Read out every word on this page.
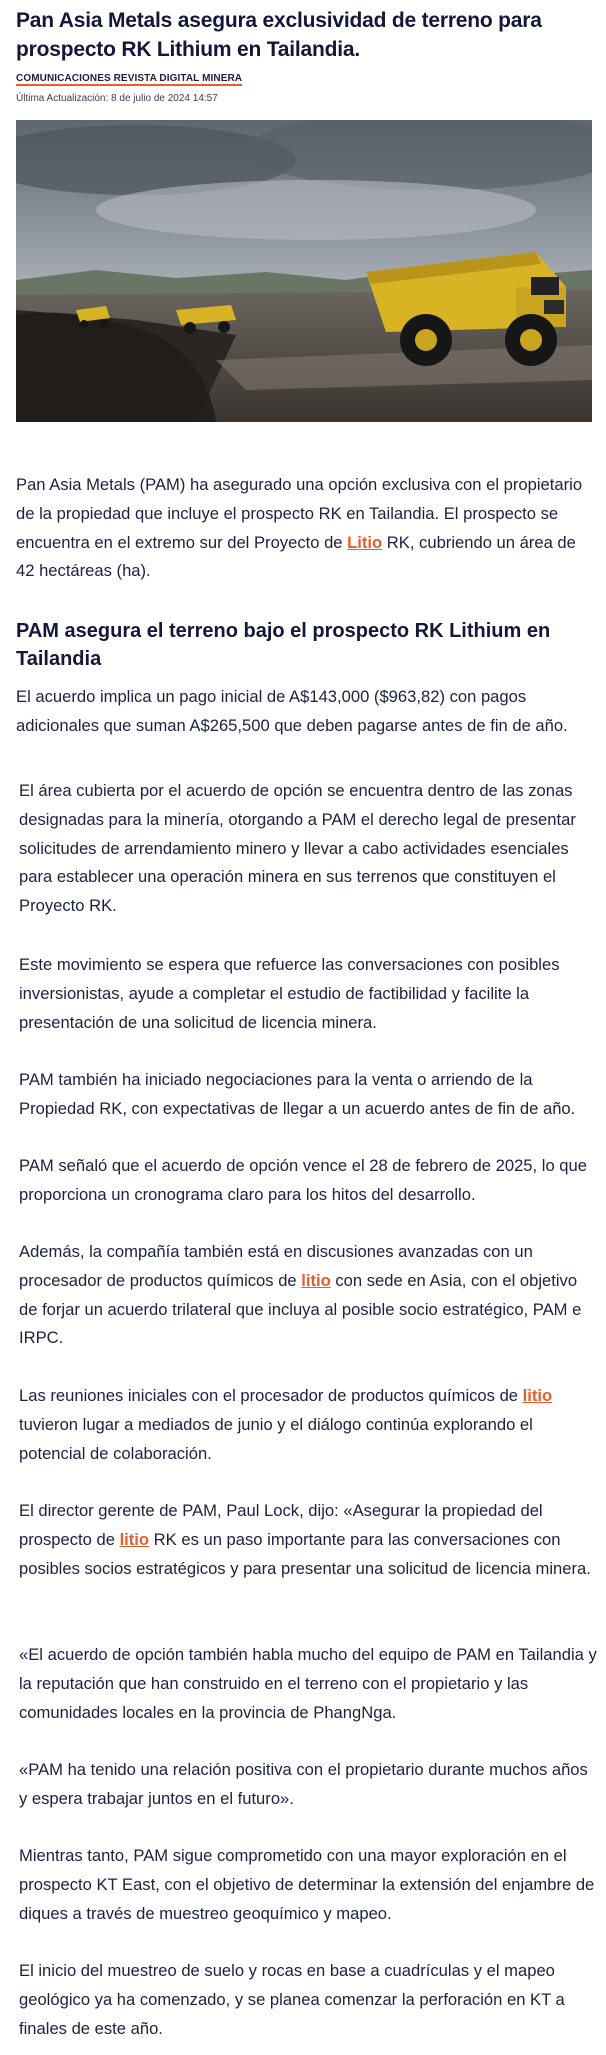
Pan Asia Metals asegura exclusividad de terreno para prospecto RK Lithium en Tailandia.
COMUNICACIONES REVISTA DIGITAL MINERA
Última Actualización: 8 de julio de 2024 14:57

Pan Asia Metals (PAM) ha asegurado una opción exclusiva con el propietario de la propiedad que incluye el prospecto RK en Tailandia. El prospecto se encuentra en el extremo sur del Proyecto de Litio RK, cubriendo un área de 42 hectáreas (ha).

PAM asegura el terreno bajo el prospecto RK Lithium en Tailandia

El acuerdo implica un pago inicial de A$143,000 ($963,82) con pagos adicionales que suman A$265,500 que deben pagarse antes de fin de año.

El área cubierta por el acuerdo de opción se encuentra dentro de las zonas designadas para la minería, otorgando a PAM el derecho legal de presentar solicitudes de arrendamiento minero y llevar a cabo actividades esenciales para establecer una operación minera en sus terrenos que constituyen el Proyecto RK.

Este movimiento se espera que refuerce las conversaciones con posibles inversionistas, ayude a completar el estudio de factibilidad y facilite la presentación de una solicitud de licencia minera.

PAM también ha iniciado negociaciones para la venta o arriendo de la Propiedad RK, con expectativas de llegar a un acuerdo antes de fin de año.

PAM señaló que el acuerdo de opción vence el 28 de febrero de 2025, lo que proporciona un cronograma claro para los hitos del desarrollo.

Además, la compañía también está en discusiones avanzadas con un procesador de productos químicos de litio con sede en Asia, con el objetivo de forjar un acuerdo trilateral que incluya al posible socio estratégico, PAM e IRPC.

Las reuniones iniciales con el procesador de productos químicos de litio tuvieron lugar a mediados de junio y el diálogo continúa explorando el potencial de colaboración.

El director gerente de PAM, Paul Lock, dijo: «Asegurar la propiedad del prospecto de litio RK es un paso importante para las conversaciones con posibles socios estratégicos y para presentar una solicitud de licencia minera.

«El acuerdo de opción también habla mucho del equipo de PAM en Tailandia y la reputación que han construido en el terreno con el propietario y las comunidades locales en la provincia de PhangNga.

«PAM ha tenido una relación positiva con el propietario durante muchos años y espera trabajar juntos en el futuro».

Mientras tanto, PAM sigue comprometido con una mayor exploración en el prospecto KT East, con el objetivo de determinar la extensión del enjambre de diques a través de muestreo geoquímico y mapeo.

El inicio del muestreo de suelo y rocas en base a cuadrículas y el mapeo geológico ya ha comenzado, y se planea comenzar la perforación en KT a finales de este año.
